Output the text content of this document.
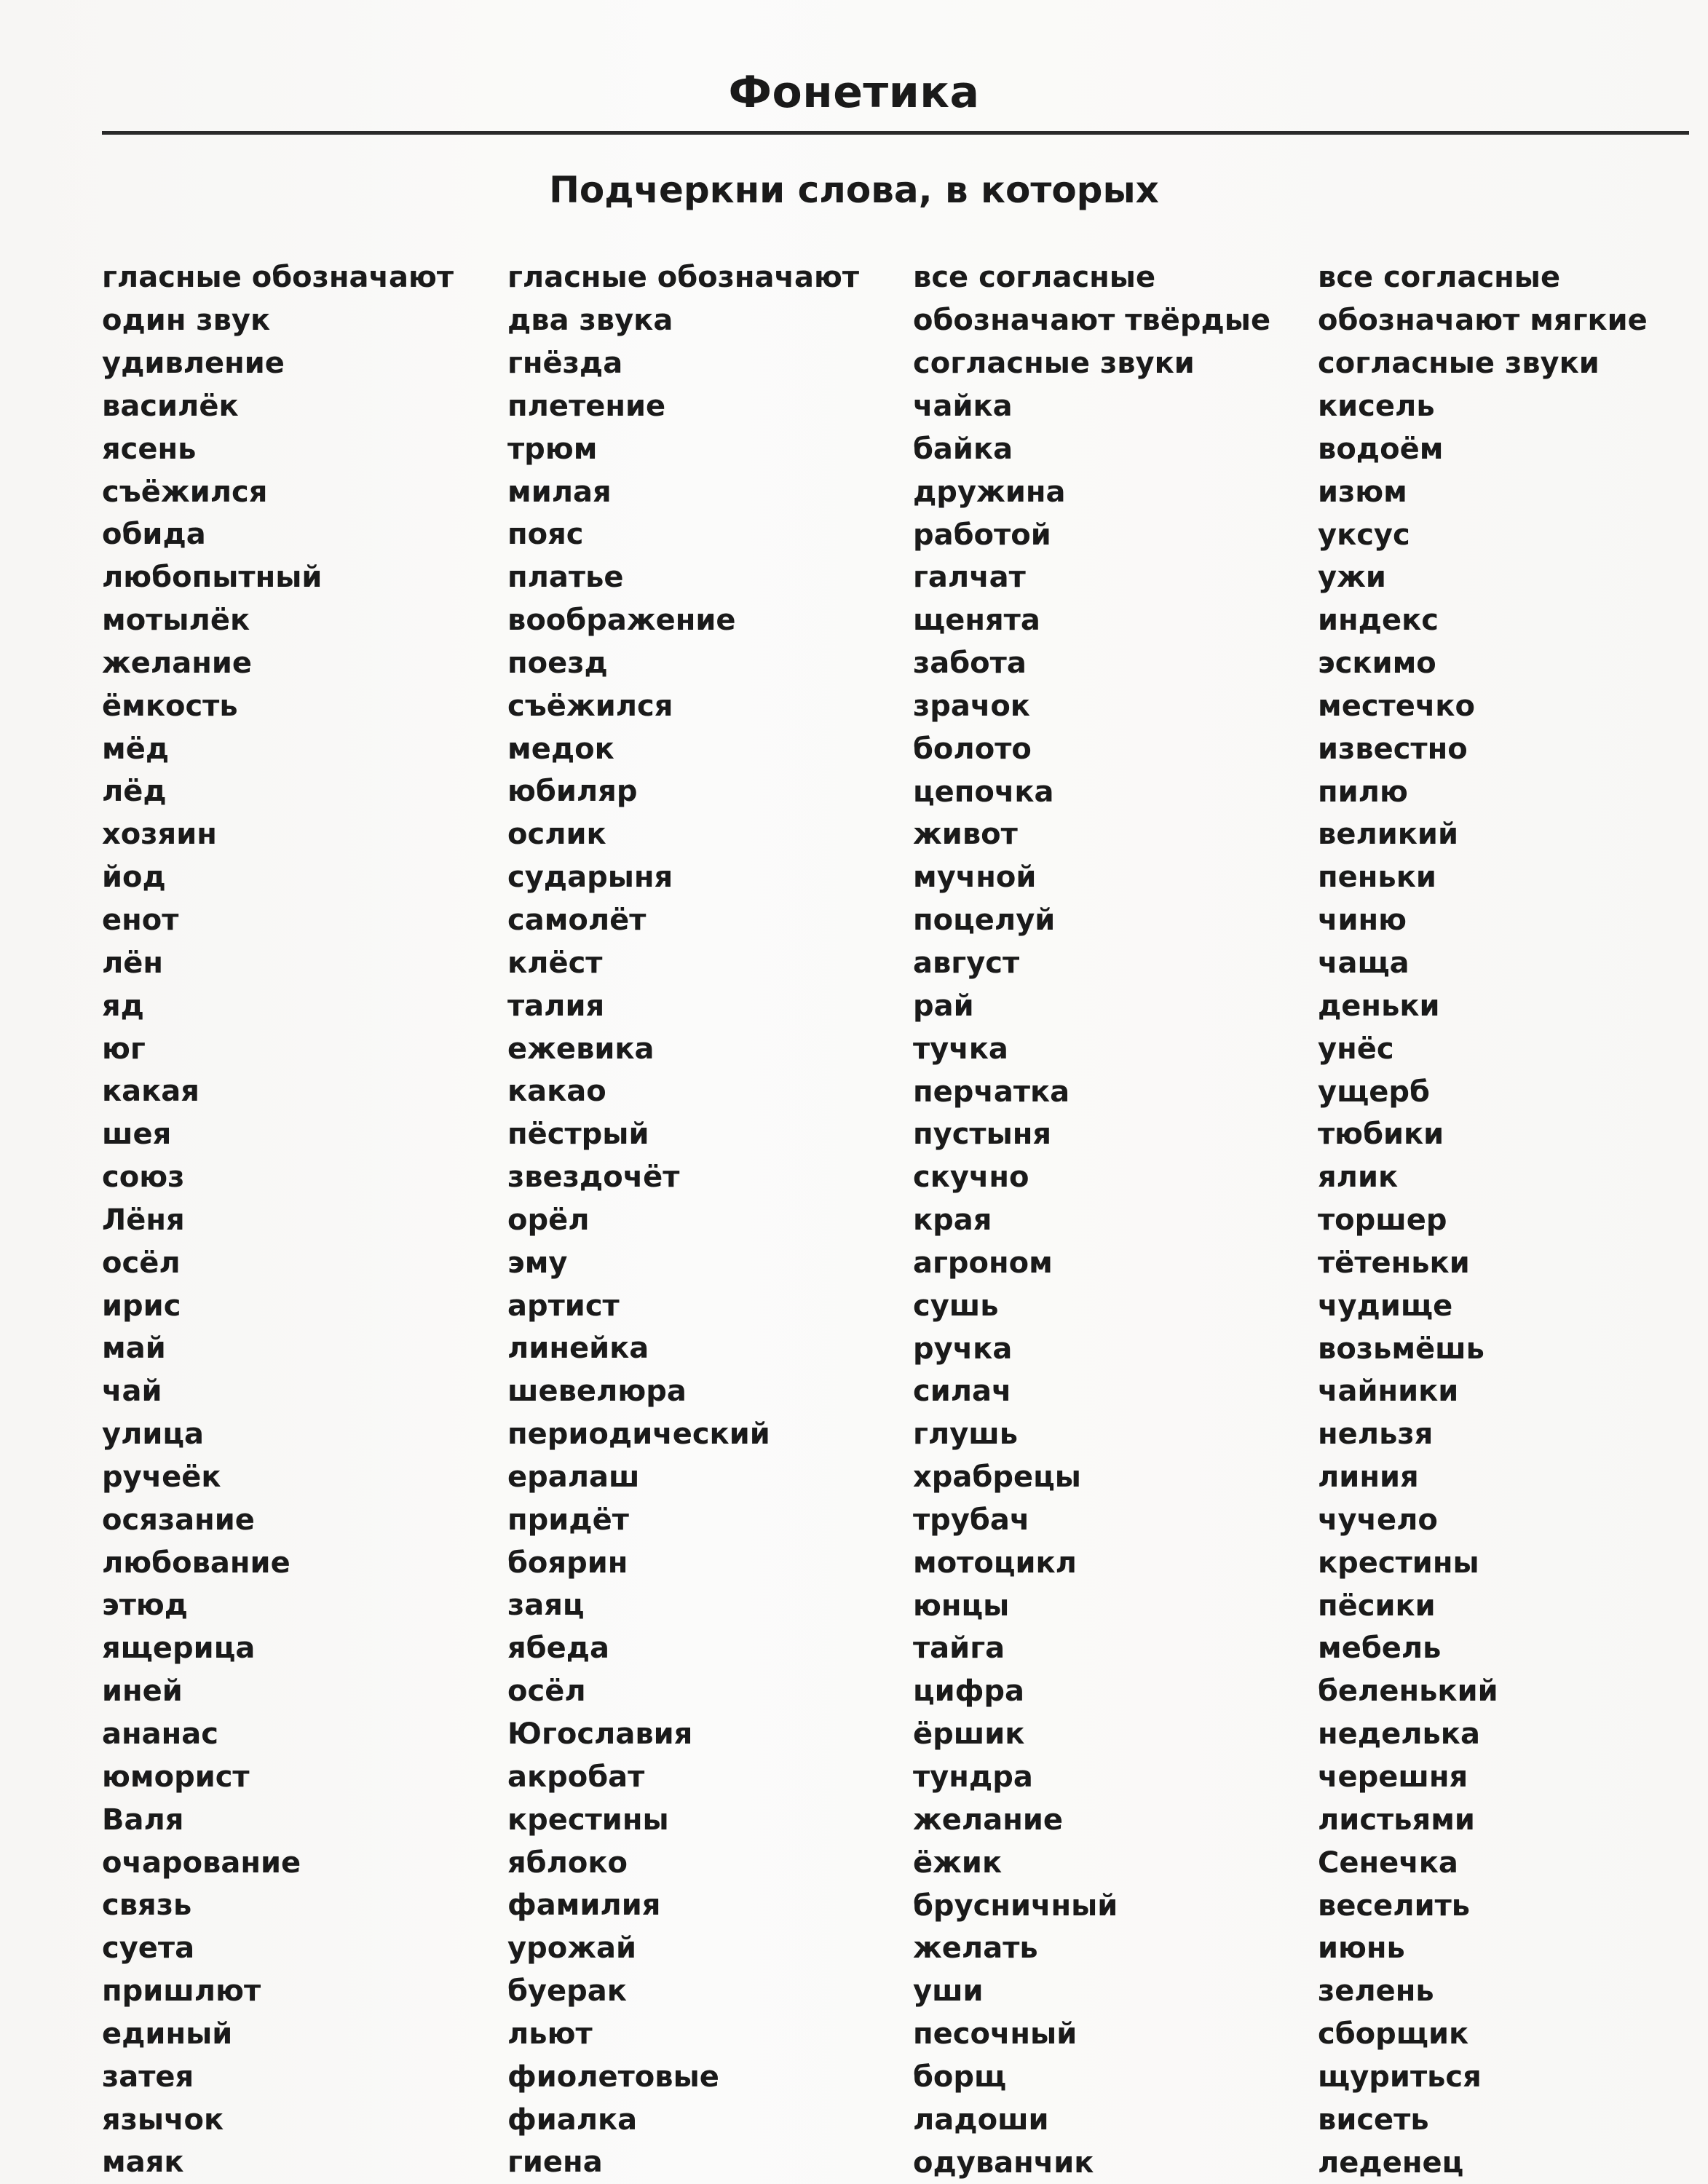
Фонетика
Подчеркни слова, в которых
гласные обозначают
один звук
удивление
василёк
ясень
съёжился
обида
любопытный
мотылёк
желание
ёмкость
мёд
лёд
хозяин
йод
енот
лён
яд
юг
какая
шея
союз
Лёня
осёл
ирис
май
чай
улица
ручеёк
осязание
любование
этюд
ящерица
иней
ананас
юморист
Валя
очарование
связь
суета
пришлют
единый
затея
язычок
маяк
гласные обозначают
два звука
гнёзда
плетение
трюм
милая
пояс
платье
воображение
поезд
съёжился
медок
юбиляр
ослик
сударыня
самолёт
клёст
талия
ежевика
какао
пёстрый
звездочёт
орёл
эму
артист
линейка
шевелюра
периодический
ералаш
придёт
боярин
заяц
ябеда
осёл
Югославия
акробат
крестины
яблоко
фамилия
урожай
буерак
льют
фиолетовые
фиалка
гиена
все согласные
обозначают твёрдые
согласные звуки
чайка
байка
дружина
работой
галчат
щенята
забота
зрачок
болото
цепочка
живот
мучной
поцелуй
август
рай
тучка
перчатка
пустыня
скучно
края
агроном
сушь
ручка
силач
глушь
храбрецы
трубач
мотоцикл
юнцы
тайга
цифра
ёршик
тундра
желание
ёжик
брусничный
желать
уши
песочный
борщ
ладоши
одуванчик
все согласные
обозначают мягкие
согласные звуки
кисель
водоём
изюм
уксус
ужи
индекс
эскимо
местечко
известно
пилю
великий
пеньки
чиню
чаща
деньки
унёс
ущерб
тюбики
ялик
торшер
тётеньки
чудище
возьмёшь
чайники
нельзя
линия
чучело
крестины
пёсики
мебель
беленький
неделька
черешня
листьями
Сенечка
веселить
июнь
зелень
сборщик
щуриться
висеть
леденец
